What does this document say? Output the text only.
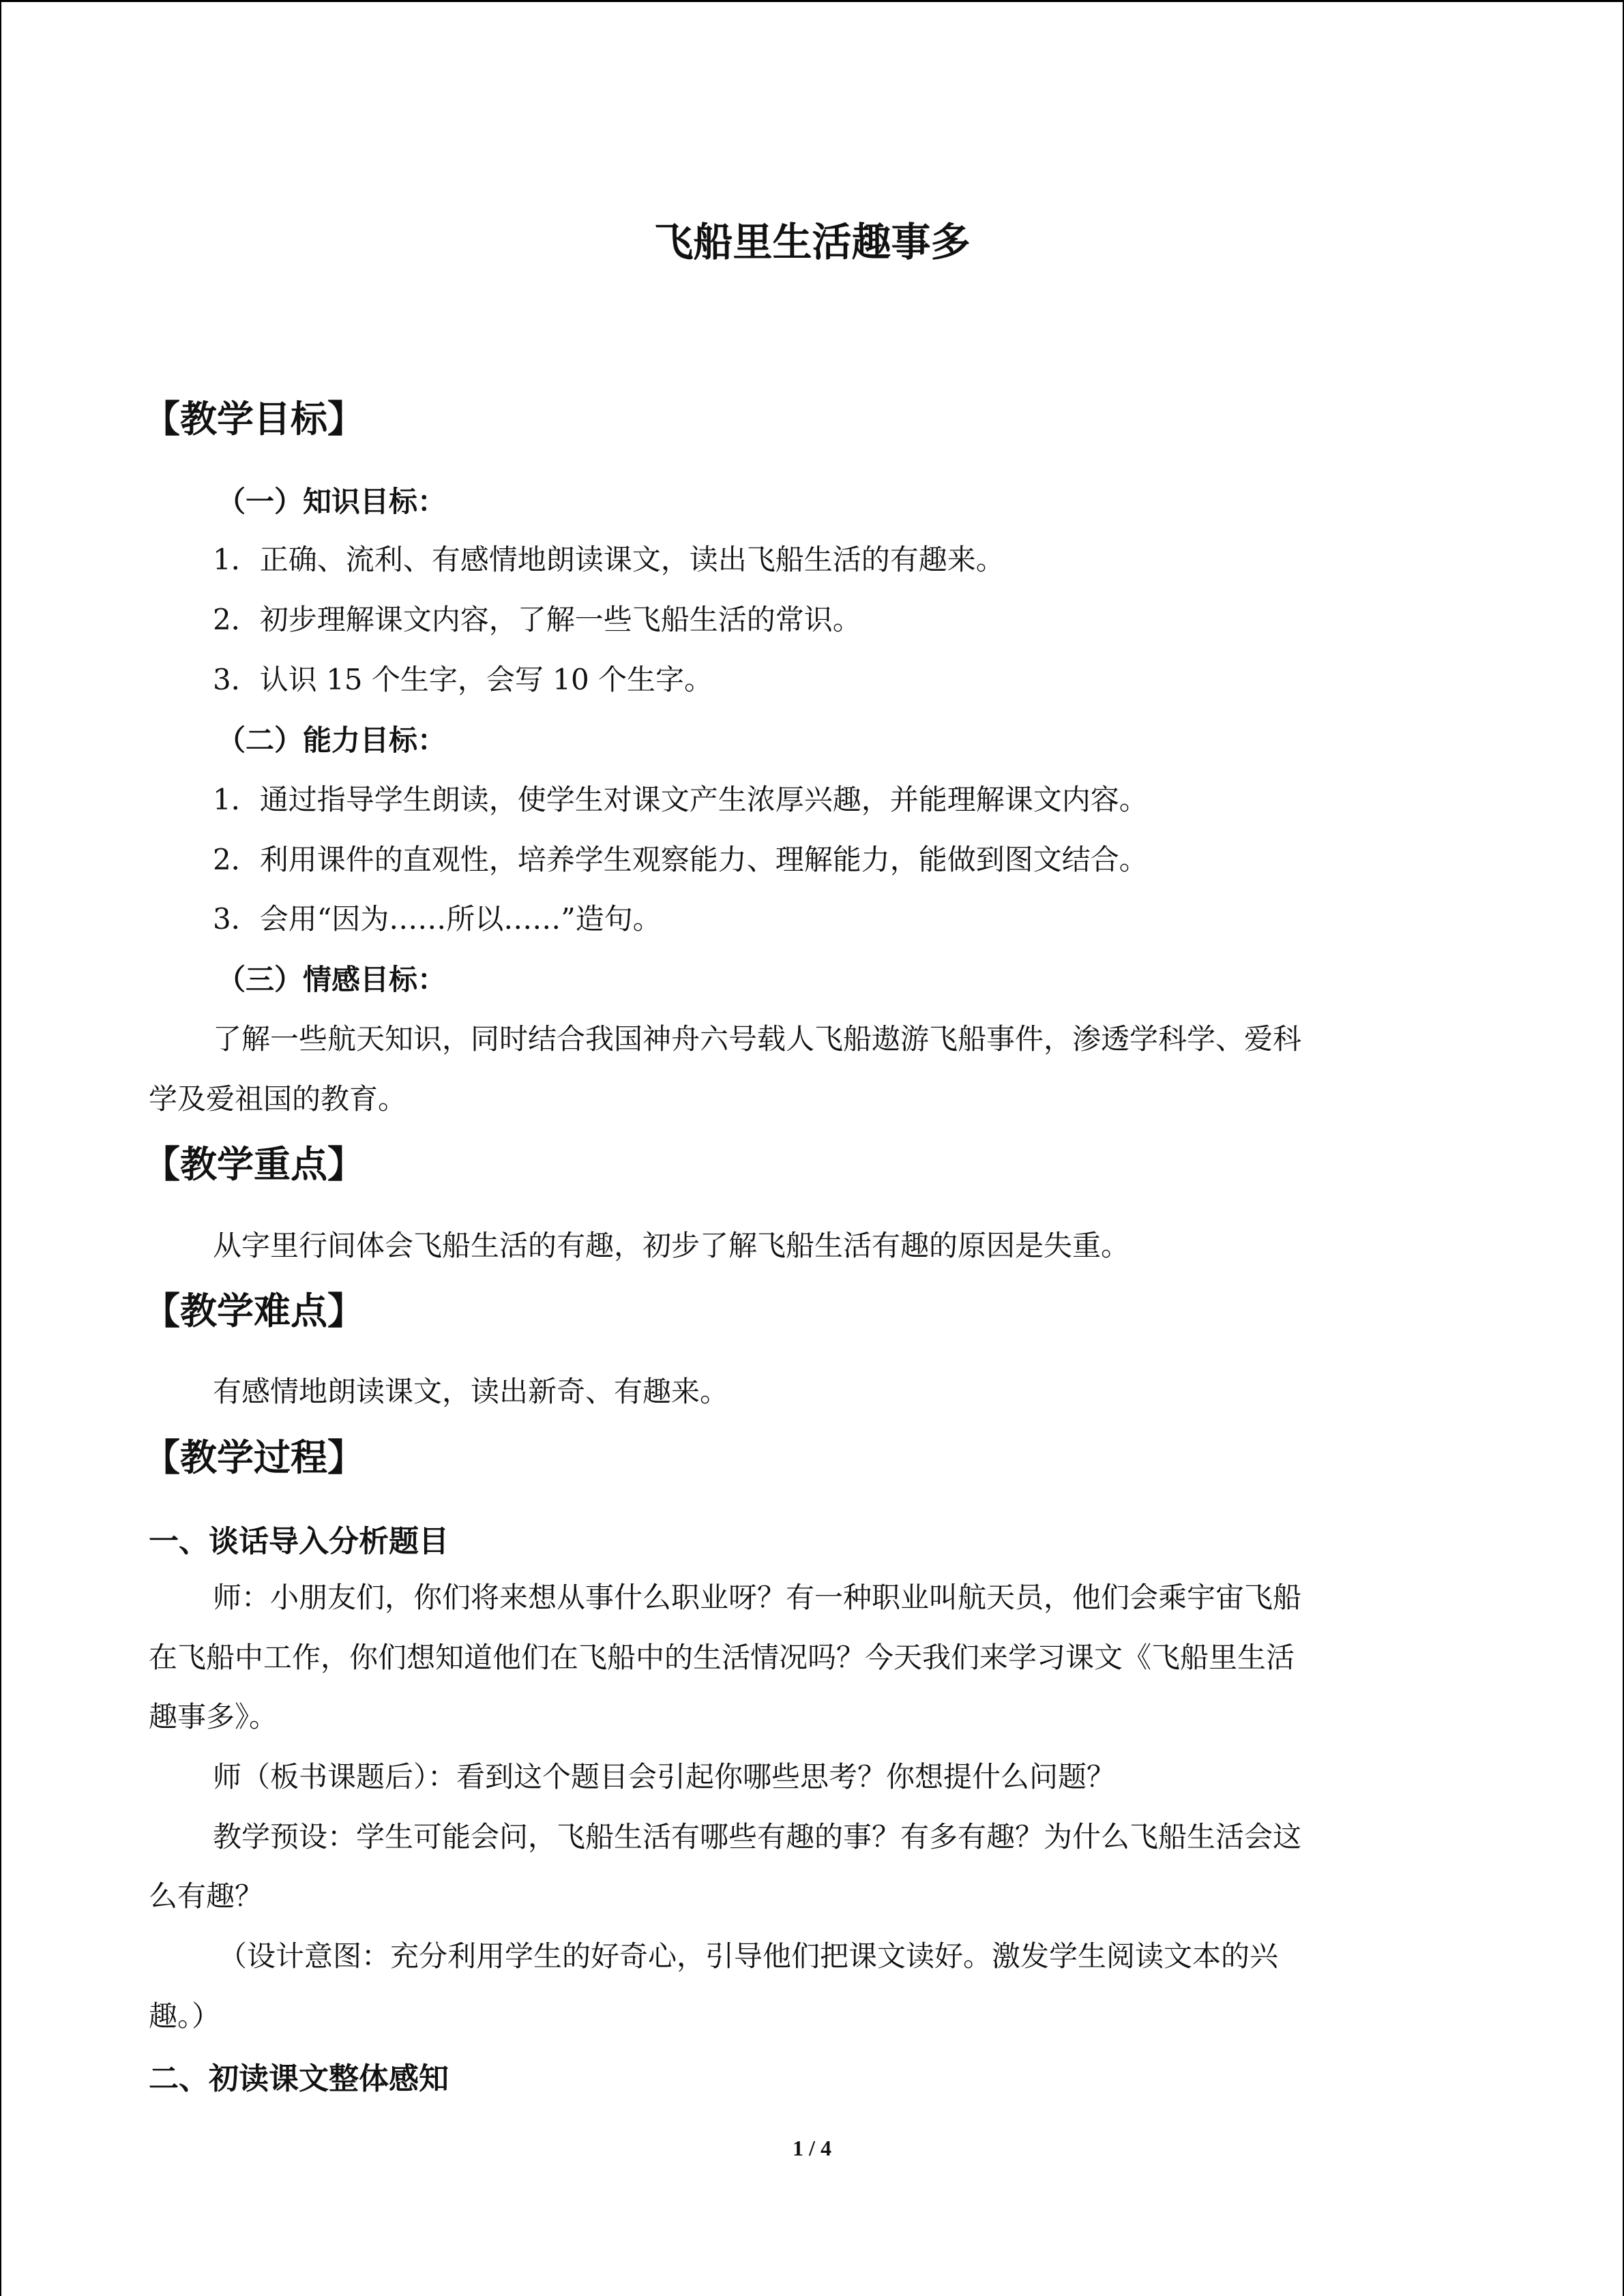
飞船里生活趣事多
【教学目标】
（一）知识目标：
1．正确、流利、有感情地朗读课文，读出飞船生活的有趣来。
2．初步理解课文内容，了解一些飞船生活的常识。
3．认识 15 个生字，会写 10 个生字。
（二）能力目标：
1．通过指导学生朗读，使学生对课文产生浓厚兴趣，并能理解课文内容。
2．利用课件的直观性，培养学生观察能力、理解能力，能做到图文结合。
3．会用“因为……所以……”造句。
（三）情感目标：
了解一些航天知识，同时结合我国神舟六号载人飞船遨游飞船事件，渗透学科学、爱科
学及爱祖国的教育。
【教学重点】
从字里行间体会飞船生活的有趣，初步了解飞船生活有趣的原因是失重。
【教学难点】
有感情地朗读课文，读出新奇、有趣来。
【教学过程】
一、谈话导入分析题目
师：小朋友们，你们将来想从事什么职业呀？有一种职业叫航天员，他们会乘宇宙飞船
在飞船中工作，你们想知道他们在飞船中的生活情况吗？今天我们来学习课文《飞船里生活
趣事多》。
师（板书课题后）：看到这个题目会引起你哪些思考？你想提什么问题？
教学预设：学生可能会问，飞船生活有哪些有趣的事？有多有趣？为什么飞船生活会这
么有趣？
（设计意图：充分利用学生的好奇心，引导他们把课文读好。激发学生阅读文本的兴
趣。）
二、初读课文整体感知
1 / 4
